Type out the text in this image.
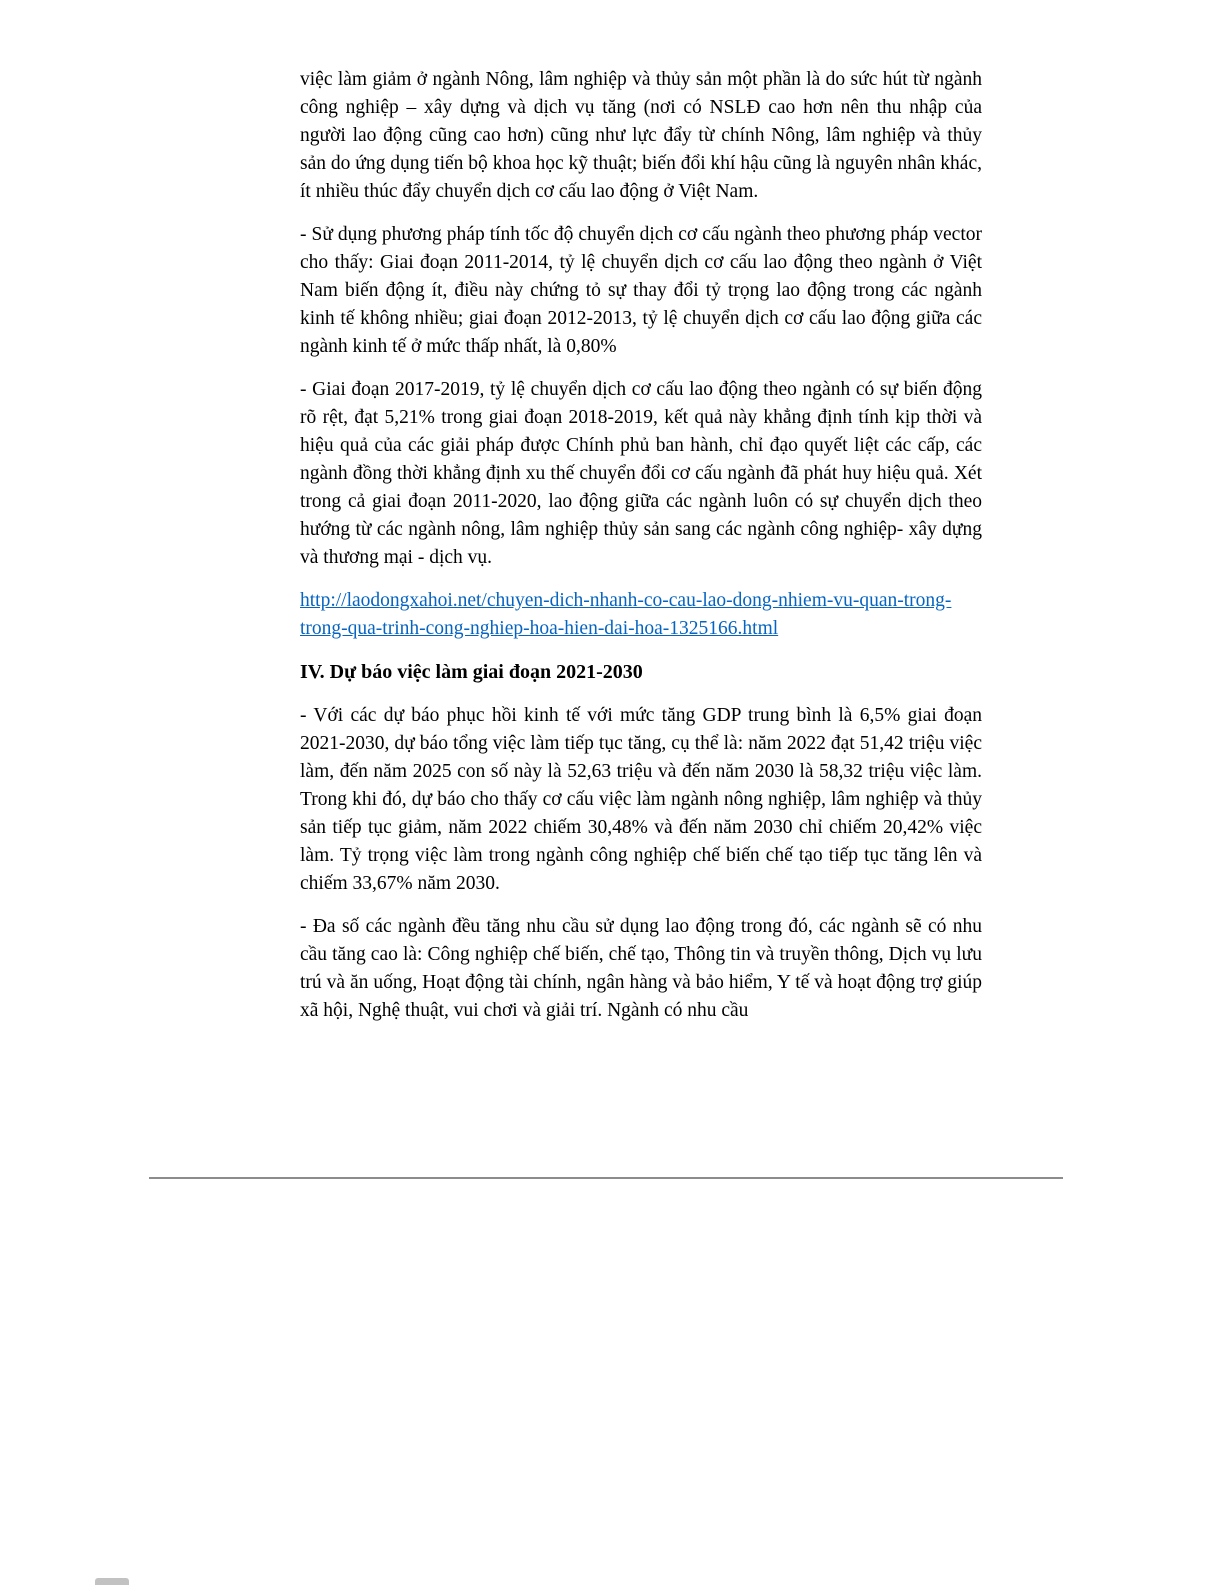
việc làm giảm ở ngành Nông, lâm nghiệp và thủy sản một phần là do sức hút từ ngành công nghiệp – xây dựng và dịch vụ tăng (nơi có NSLĐ cao hơn nên thu nhập của người lao động cũng cao hơn) cũng như lực đẩy từ chính Nông, lâm nghiệp và thủy sản do ứng dụng tiến bộ khoa học kỹ thuật; biến đổi khí hậu cũng là nguyên nhân khác, ít nhiều thúc đẩy chuyển dịch cơ cấu lao động ở Việt Nam.

- Sử dụng phương pháp tính tốc độ chuyển dịch cơ cấu ngành theo phương pháp vector cho thấy: Giai đoạn 2011-2014, tỷ lệ chuyển dịch cơ cấu lao động theo ngành ở Việt Nam biến động ít, điều này chứng tỏ sự thay đổi tỷ trọng lao động trong các ngành kinh tế không nhiều; giai đoạn 2012-2013, tỷ lệ chuyển dịch cơ cấu lao động giữa các ngành kinh tế ở mức thấp nhất, là 0,80%

- Giai đoạn 2017-2019, tỷ lệ chuyển dịch cơ cấu lao động theo ngành có sự biến động rõ rệt, đạt 5,21% trong giai đoạn 2018-2019, kết quả này khẳng định tính kịp thời và hiệu quả của các giải pháp được Chính phủ ban hành, chỉ đạo quyết liệt các cấp, các ngành đồng thời khẳng định xu thế chuyển đổi cơ cấu ngành đã phát huy hiệu quả. Xét trong cả giai đoạn 2011-2020, lao động giữa các ngành luôn có sự chuyển dịch theo hướng từ các ngành nông, lâm nghiệp thủy sản sang các ngành công nghiệp- xây dựng và thương mại - dịch vụ.

http://laodongxahoi.net/chuyen-dich-nhanh-co-cau-lao-dong-nhiem-vu-quan-trong-trong-qua-trinh-cong-nghiep-hoa-hien-dai-hoa-1325166.html

IV. Dự báo việc làm giai đoạn 2021-2030

- Với các dự báo phục hồi kinh tế với mức tăng GDP trung bình là 6,5% giai đoạn 2021-2030, dự báo tổng việc làm tiếp tục tăng, cụ thể là: năm 2022 đạt 51,42 triệu việc làm, đến năm 2025 con số này là 52,63 triệu và đến năm 2030 là 58,32 triệu việc làm. Trong khi đó, dự báo cho thấy cơ cấu việc làm ngành nông nghiệp, lâm nghiệp và thủy sản tiếp tục giảm, năm 2022 chiếm 30,48% và đến năm 2030 chỉ chiếm 20,42% việc làm. Tỷ trọng việc làm trong ngành công nghiệp chế biến chế tạo tiếp tục tăng lên và chiếm 33,67% năm 2030.

- Đa số các ngành đều tăng nhu cầu sử dụng lao động trong đó, các ngành sẽ có nhu cầu tăng cao là: Công nghiệp chế biến, chế tạo, Thông tin và truyền thông, Dịch vụ lưu trú và ăn uống, Hoạt động tài chính, ngân hàng và bảo hiểm, Y tế và hoạt động trợ giúp xã hội, Nghệ thuật, vui chơi và giải trí. Ngành có nhu cầu
